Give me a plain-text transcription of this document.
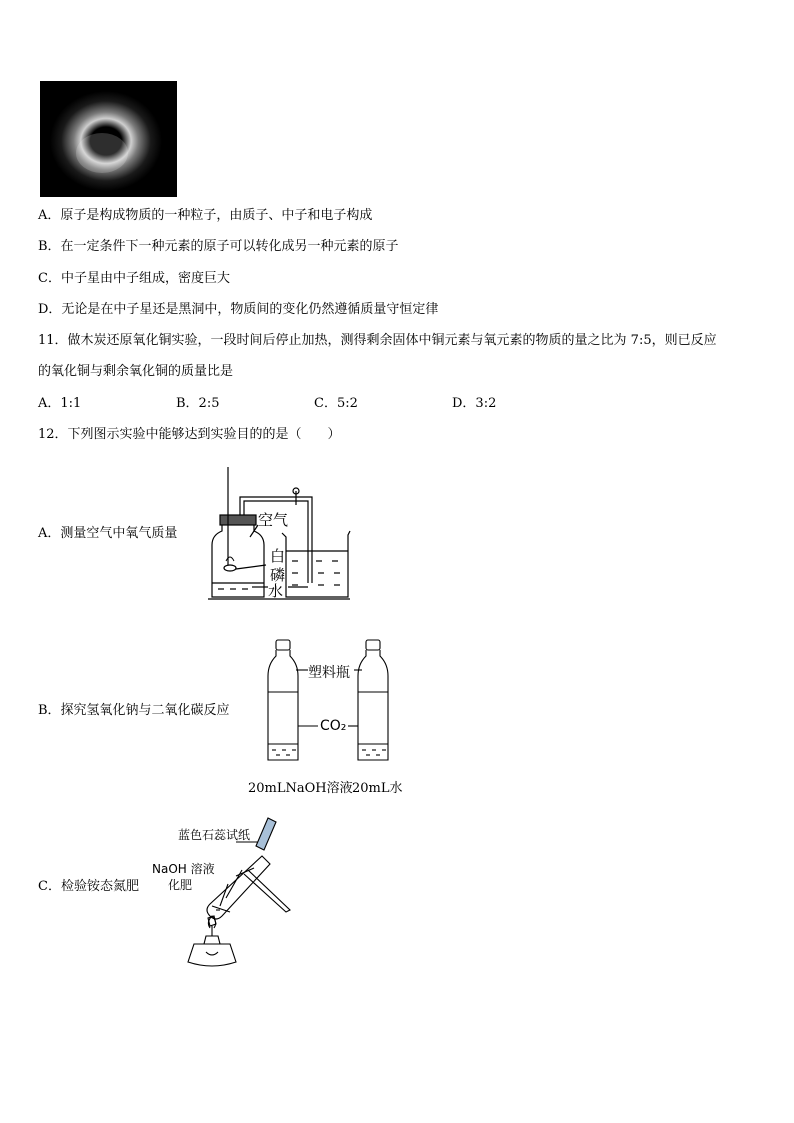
A．原子是构成物质的一种粒子，由质子、中子和电子构成
B．在一定条件下一种元素的原子可以转化成另一种元素的原子
C．中子星由中子组成，密度巨大
D．无论是在中子星还是黑洞中，物质间的变化仍然遵循质量守恒定律
11．做木炭还原氧化铜实验，一段时间后停止加热，测得剩余固体中铜元素与氧元素的物质的量之比为 7:5，则已反应
的氧化铜与剩余氧化铜的质量比是
A．1:1	B．2:5	C．5:2	D．3:2
12．下列图示实验中能够达到实验目的的是（　　）
A．测量空气中氧气质量
B．探究氢氧化钠与二氧化碳反应
C．检验铵态氮肥
空气
白
磷
水
塑料瓶
CO₂
20mLNaOH溶液 20mL水
蓝色石蕊试纸
NaOH 溶液
化肥
